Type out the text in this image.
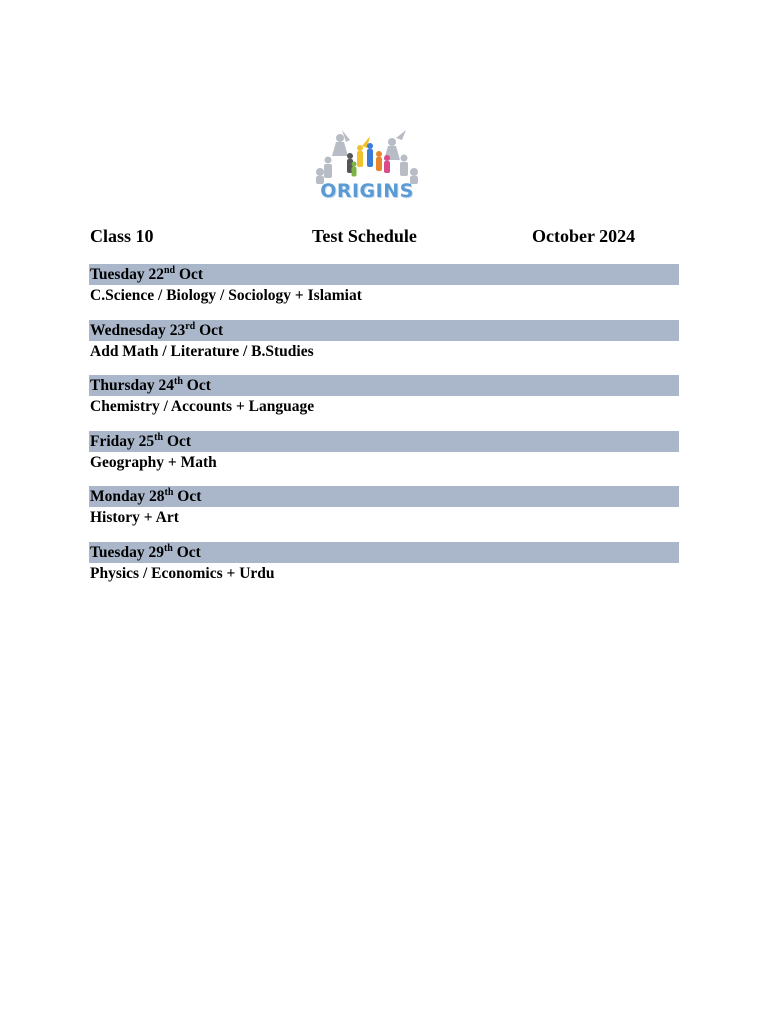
ORIGINS
Class 10	Test Schedule	October 2024
Tuesday 22nd Oct
C.Science / Biology / Sociology + Islamiat
Wednesday 23rd Oct
Add Math / Literature / B.Studies
Thursday 24th Oct
Chemistry / Accounts + Language
Friday 25th Oct
Geography + Math
Monday 28th Oct
History + Art
Tuesday 29th Oct
Physics / Economics + Urdu
